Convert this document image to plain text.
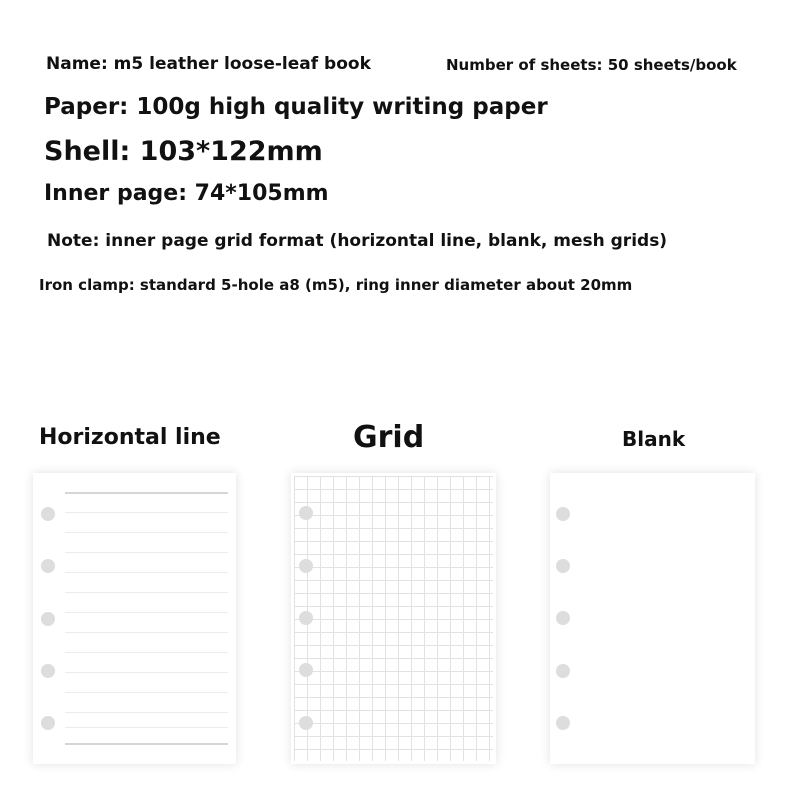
Name: m5 leather loose-leaf book	Number of sheets: 50 sheets/book
Paper: 100g high quality writing paper
Shell: 103*122mm
Inner page: 74*105mm
Note: inner page grid format (horizontal line, blank, mesh grids)
Iron clamp: standard 5-hole a8 (m5), ring inner diameter about 20mm
Horizontal line	Grid	Blank
